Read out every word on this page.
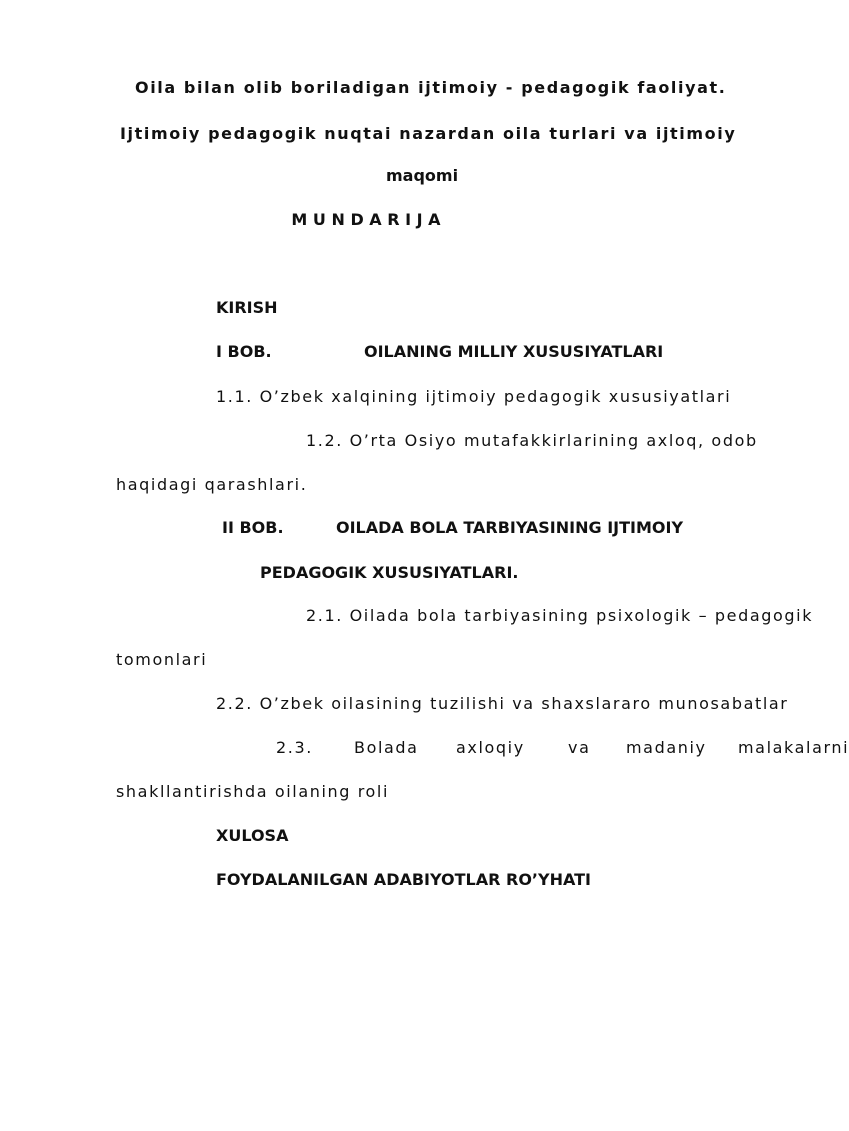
Oila bilan olib boriladigan ijtimoiy - pedagogik faoliyat.

Ijtimoiy pedagogik nuqtai nazardan oila turlari va ijtimoiy

maqomi

M U N D A R I J A

KIRISH

I BOB.	OILANING MILLIY XUSUSIYATLARI

1.1. O’zbek xalqining ijtimoiy pedagogik xususiyatlari

1.2. O’rta Osiyo mutafakkirlarining axloq, odob

haqidagi qarashlari.

II BOB.	OILADA BOLA TARBIYASINING IJTIMOIY

PEDAGOGIK XUSUSIYATLARI.

2.1. Oilada bola tarbiyasining psixologik – pedagogik

tomonlari

2.2. O’zbek oilasining tuzilishi va shaxslararo munosabatlar

2.3.	Bolada axloqiy	va madaniy malakalarni

shakllantirishda oilaning roli

XULOSA

FOYDALANILGAN ADABIYOTLAR RO’YHATI
